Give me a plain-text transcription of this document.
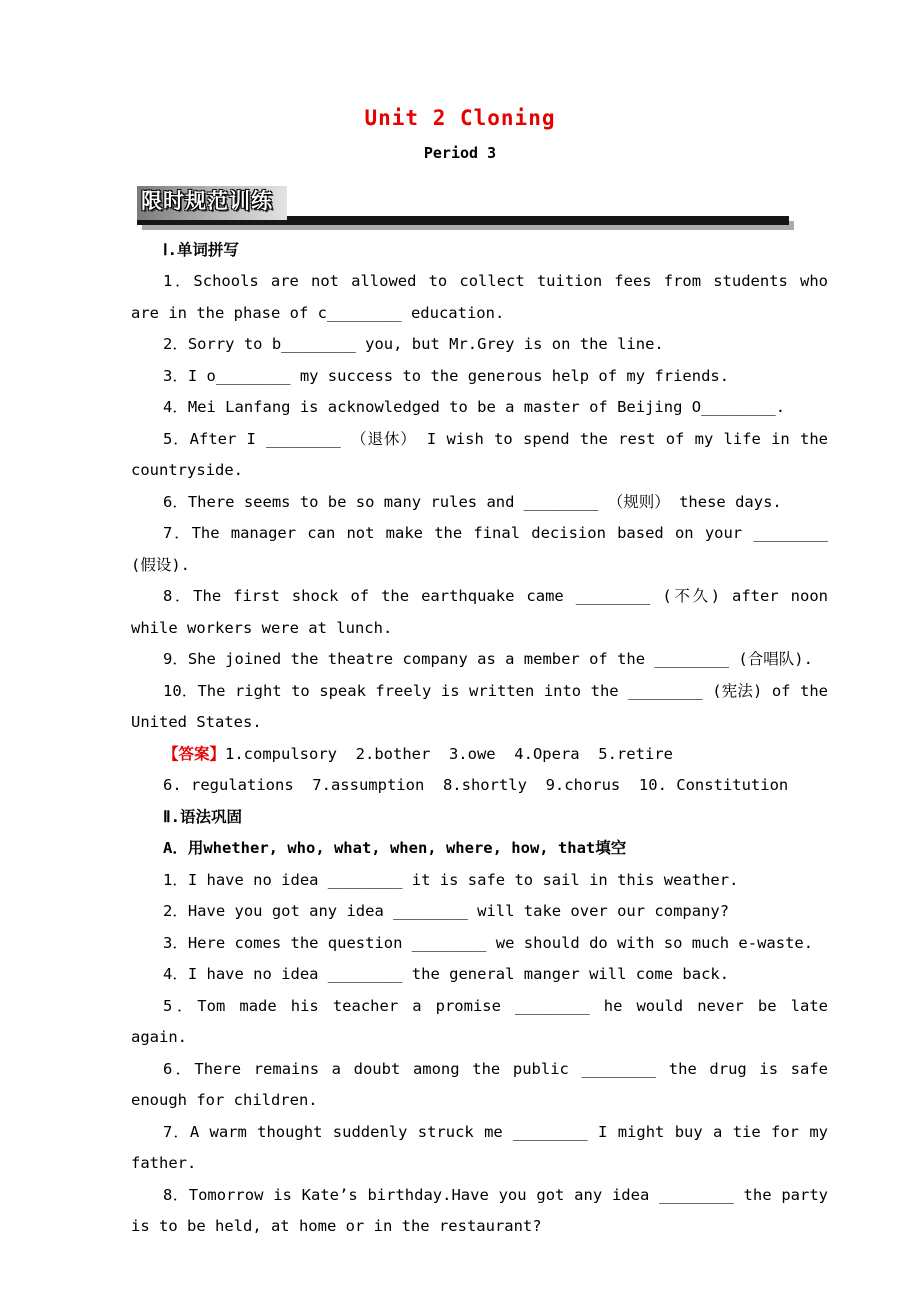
Unit 2 Cloning
Period 3
限时规范训练

Ⅰ.单词拼写

1．Schools are not allowed to collect tuition fees from students who are in the phase of c________ education.

2．Sorry to b________ you, but Mr.Grey is on the line.

3．I o________ my success to the generous help of my friends.

4．Mei Lanfang is acknowledged to be a master of Beijing O________.

5．After I ________ （退休） I wish to spend the rest of my life in the countryside.

6．There seems to be so many rules and ________ （规则） these days.

7．The manager can not make the final decision based on your ________ (假设).

8．The first shock of the earthquake came ________ (不久) after noon while workers were at lunch.

9．She joined the theatre company as a member of the ________ (合唱队).

10．The right to speak freely is written into the ________ (宪法) of the United States.

【答案】1.compulsory  2.bother  3.owe  4.Opera  5.retire

6. regulations  7.assumption  8.shortly  9.chorus  10. Constitution

Ⅱ.语法巩固

A．用whether, who, what, when, where, how, that填空

1．I have no idea ________ it is safe to sail in this weather.

2．Have you got any idea ________ will take over our company?

3．Here comes the question ________ we should do with so much e-waste.

4．I have no idea ________ the general manger will come back.

5．Tom made his teacher a promise ________ he would never be late again.

6．There remains a doubt among the public ________ the drug is safe enough for children.

7．A warm thought suddenly struck me ________ I might buy a tie for my father.

8．Tomorrow is Kate’s birthday.Have you got any idea ________ the party is to be held, at home or in the restaurant?
